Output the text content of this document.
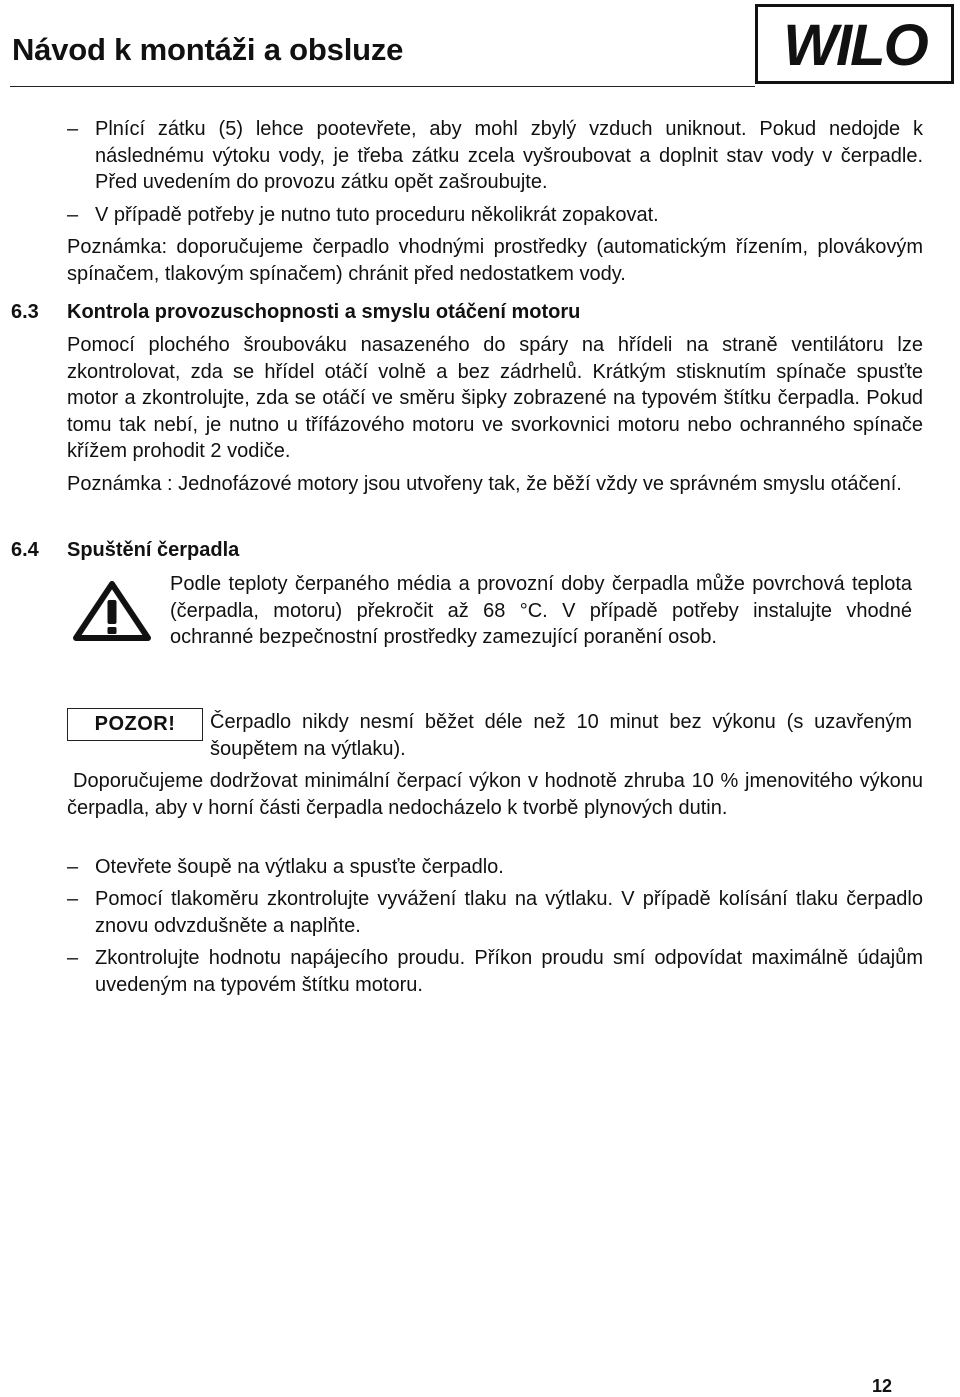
Návod k montáži a obsluze	WILO
– Plnící zátku (5) lehce pootevřete, aby mohl zbylý vzduch uniknout. Pokud nedojde k následnému výtoku vody, je třeba zátku zcela vyšroubovat a doplnit stav vody v čerpadle. Před uvedením do provozu zátku opět zašroubujte.

– V případě potřeby je nutno tuto proceduru několikrát zopakovat.

Poznámka: doporučujeme čerpadlo vhodnými prostředky (automatickým řízením, plovákovým spínačem, tlakovým spínačem) chránit před nedostatkem vody.

6.3 Kontrola provozuschopnosti a smyslu otáčení motoru

Pomocí plochého šroubováku nasazeného do spáry na hřídeli na straně ventilátoru lze zkontrolovat, zda se hřídel otáčí volně a bez zádrhelů. Krátkým stisknutím spínače spusťte motor a zkontrolujte, zda se otáčí ve směru šipky zobrazené na typovém štítku čerpadla. Pokud tomu tak nebí, je nutno u třífázového motoru ve svorkovnici motoru nebo ochranného spínače křížem prohodit 2 vodiče.

Poznámka : Jednofázové motory jsou utvořeny tak, že běží vždy ve správném smyslu otáčení.

6.4 Spuštění čerpadla

Podle teploty čerpaného média a provozní doby čerpadla může povrchová teplota (čerpadla, motoru) překročit až 68 °C. V případě potřeby instalujte vhodné ochranné bezpečnostní prostředky zamezující poranění osob.

POZOR! Čerpadlo nikdy nesmí běžet déle než 10 minut bez výkonu (s uzavřeným šoupětem na výtlaku).

Doporučujeme dodržovat minimální čerpací výkon v hodnotě zhruba 10 % jmenovitého výkonu čerpadla, aby v horní části čerpadla nedocházelo k tvorbě plynových dutin.

– Otevřete šoupě na výtlaku a spusťte čerpadlo.

– Pomocí tlakoměru zkontrolujte vyvážení tlaku na výtlaku. V případě kolísání tlaku čerpadlo znovu odvzdušněte a naplňte.

– Zkontrolujte hodnotu napájecího proudu. Příkon proudu smí odpovídat maximálně údajům uvedeným na typovém štítku motoru.

12
